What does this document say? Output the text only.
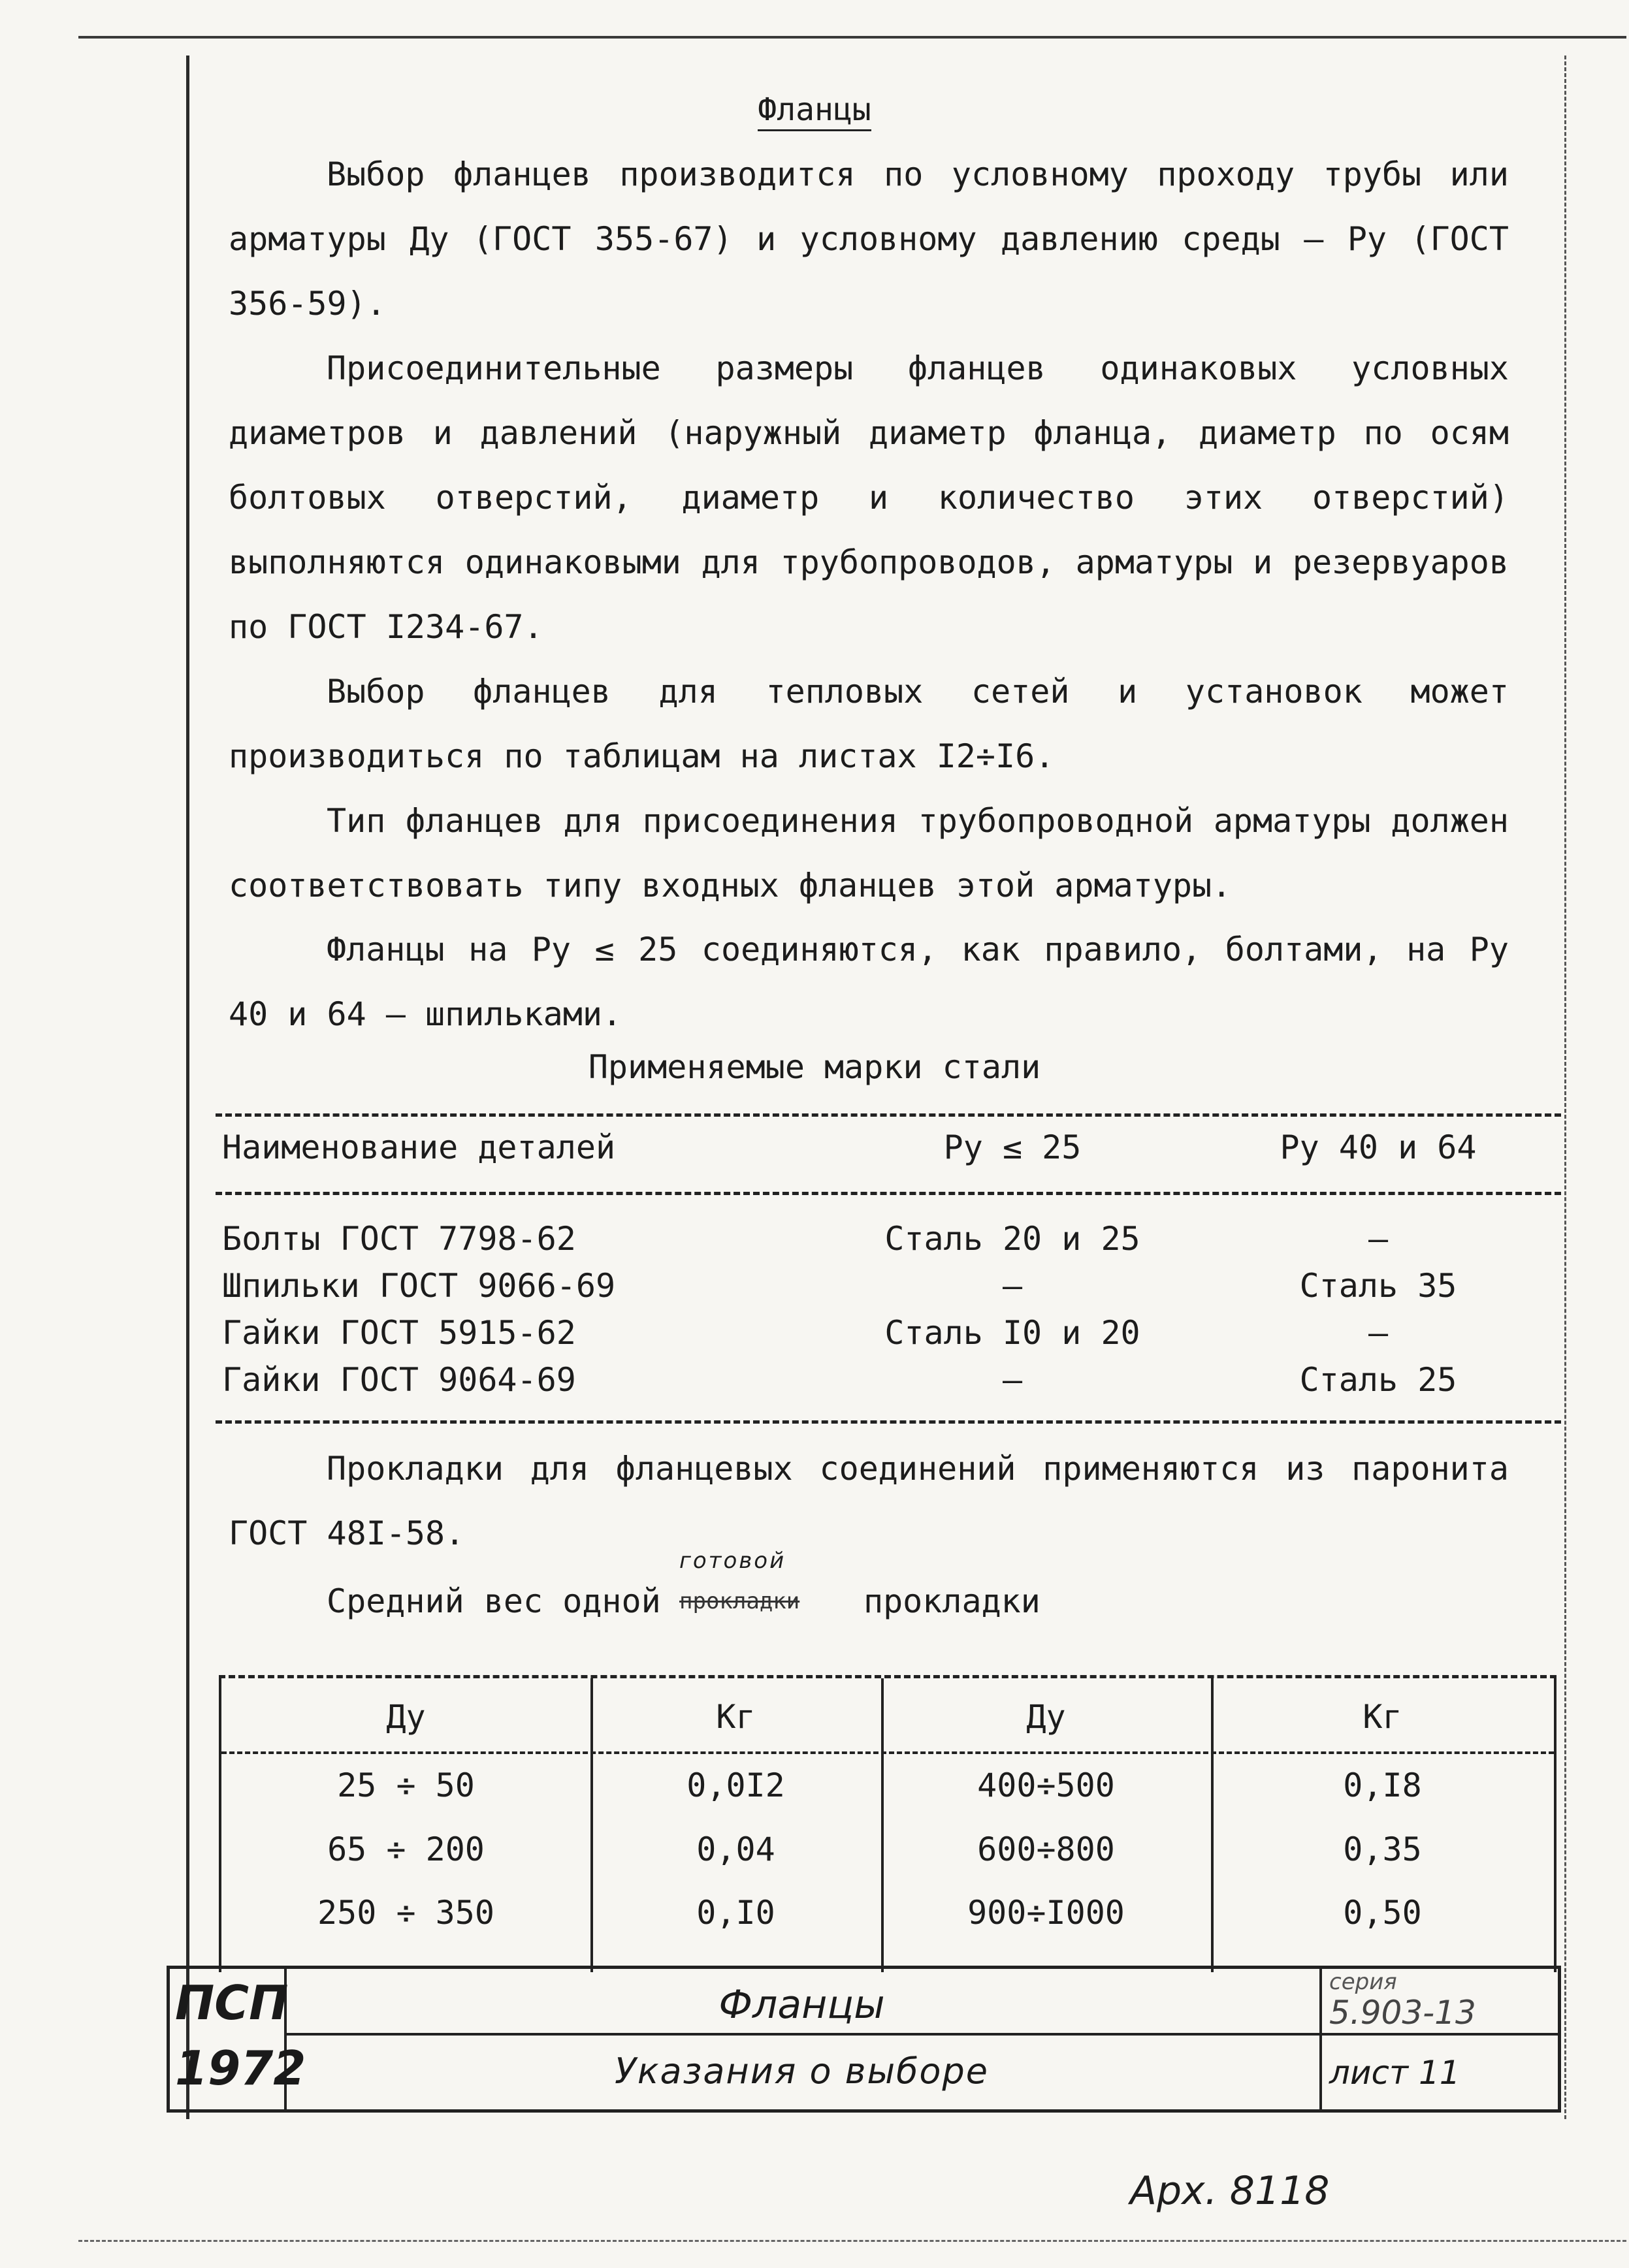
Фланцы

Выбор фланцев производится по условному проходу трубы или арматуры Ду (ГОСТ 355-67) и условному давлению среды – Ру (ГОСТ 356-59).

Присоединительные размеры фланцев одинаковых условных диаметров и давлений (наружный диаметр фланца, диаметр по осям болтовых отверстий, диаметр и количество этих отверстий) выполняются одинаковыми для трубопроводов, арматуры и резервуаров по ГОСТ I234-67.

Выбор фланцев для тепловых сетей и установок может производиться по таблицам на листах I2÷I6.

Тип фланцев для присоединения трубопроводной арматуры должен соответствовать типу входных фланцев этой арматуры.

Фланцы на Ру ≤ 25 соединяются, как правило, болтами, на Ру 40 и 64 – шпильками.

Применяемые марки стали
Наименование деталей	Ру ≤ 25	Ру 40 и 64
Болты ГОСТ 7798-62	Сталь 20 и 25	–
Шпильки ГОСТ 9066-69	–	Сталь 35
Гайки ГОСТ 5915-62	Сталь I0 и 20	–
Гайки ГОСТ 9064-69	–	Сталь 25

Прокладки для фланцевых соединений применяются из паронита ГОСТ 48I-58.

Средний вес одной	прокладки
готовой
прокладки
Ду	Кг	Ду	Кг
25 ÷ 50	0,0I2	400÷500	0,I8
65 ÷ 200	0,04	600÷800	0,35
250 ÷ 350	0,I0	900÷I000	0,50
ПСП
1972
Фланцы
Указания о выборе
серия
5.903-13
лист 11
Арх. 8118
